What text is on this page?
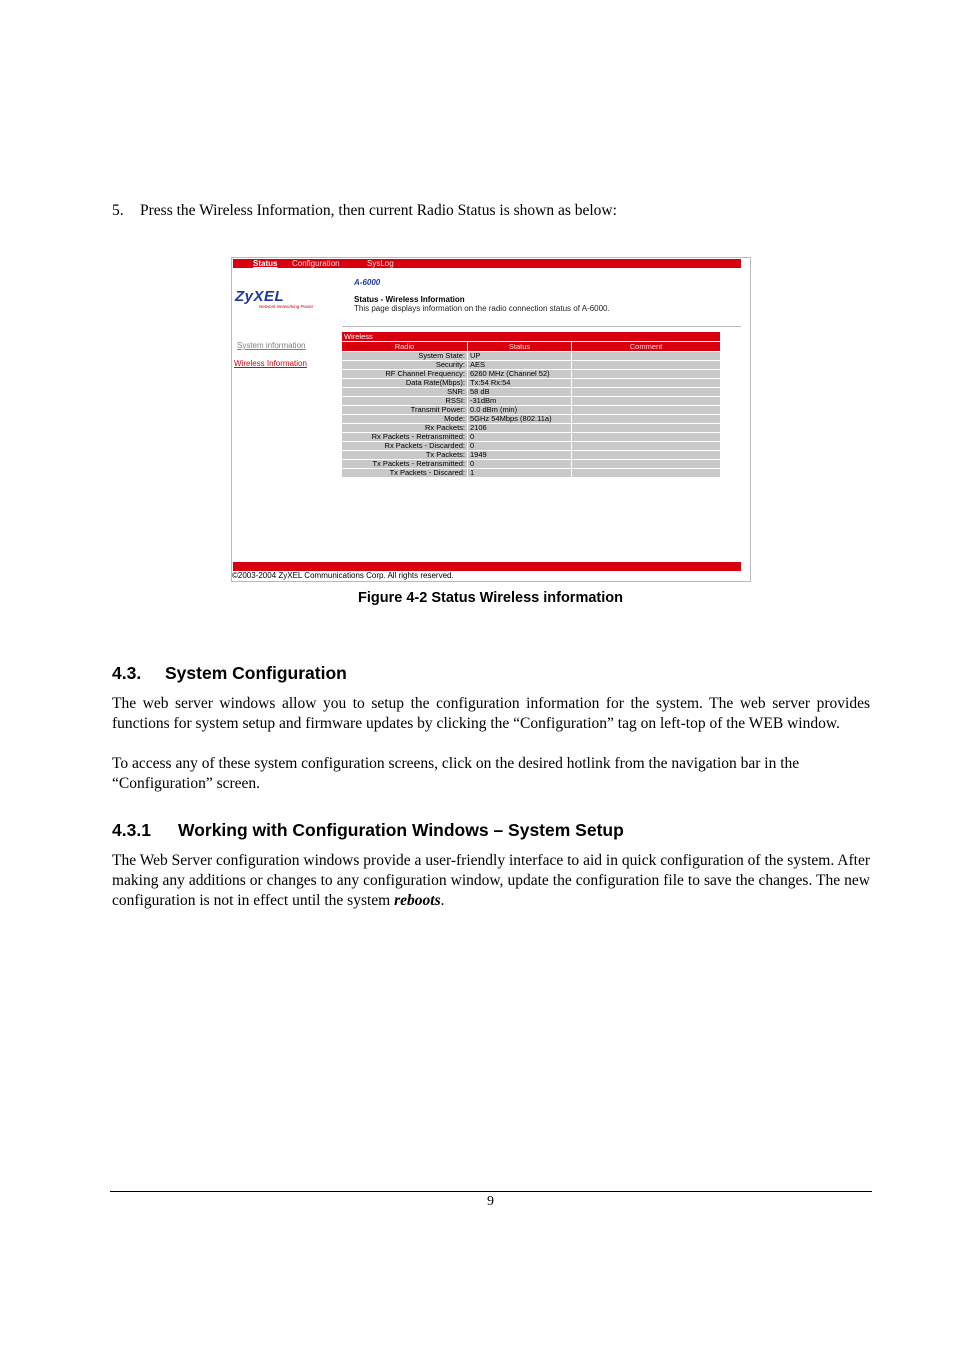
5. Press the Wireless Information, then current Radio Status is shown as below:
Status Configuration	SysLog
ZyXEL
Network Networking Power
A-6000
Status - Wireless Information
This page displays information on the radio connection status of A-6000.
System information
Wireless Information
Wireless		
Radio	Status	Comment
System State:	UP	
Security:	AES	
RF Channel Frequency:	6260 MHz (Channel 52)	
Data Rate(Mbps):	Tx:54 Rx:54	
SNR:	58 dB	
RSSI:	-31dBm	
Transmit Power:	0.0 dBm (min)	
Mode:	5GHz 54Mbps (802.11a)	
Rx Packets:	2106	
Rx Packets - Retransmitted:	0	
Rx Packets - Discarded:	0	
Tx Packets:	1949	
Tx Packets - Retransmitted:	0	
Tx Packets - Discared:	1	
©2003-2004 ZyXEL Communications Corp. All rights reserved.
Figure 4-2 Status Wireless information
4.3. System Configuration
The web server windows allow you to setup the configuration information for the system. The web server provides functions for system setup and firmware updates by clicking the “Configuration” tag on left-top of the WEB window.
To access any of these system configuration screens, click on the desired hotlink from the navigation bar in the “Configuration” screen.
4.3.1 Working with Configuration Windows – System Setup
The Web Server configuration windows provide a user-friendly interface to aid in quick configuration of the system. After making any additions or changes to any configuration window, update the configuration file to save the changes. The new configuration is not in effect until the system reboots.
9
